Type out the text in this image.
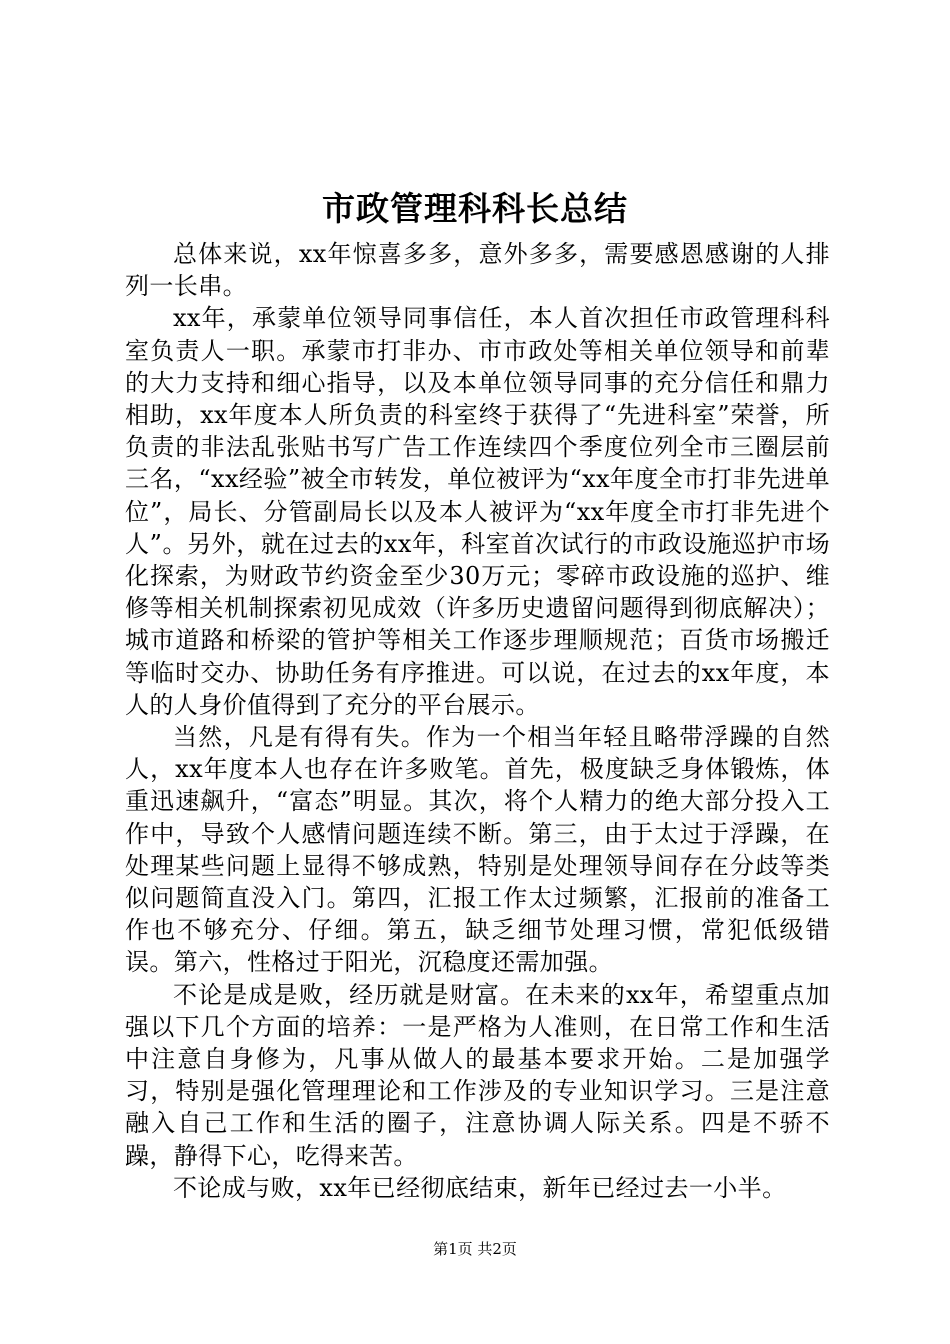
市政管理科科长总结

总体来说，xx年惊喜多多，意外多多，需要感恩感谢的人排列一长串。

xx年，承蒙单位领导同事信任，本人首次担任市政管理科科室负责人一职。承蒙市打非办、市市政处等相关单位领导和前辈的大力支持和细心指导，以及本单位领导同事的充分信任和鼎力相助，xx年度本人所负责的科室终于获得了“先进科室”荣誉，所负责的非法乱张贴书写广告工作连续四个季度位列全市三圈层前三名，“xx经验”被全市转发，单位被评为“xx年度全市打非先进单位”，局长、分管副局长以及本人被评为“xx年度全市打非先进个人”。另外，就在过去的xx年，科室首次试行的市政设施巡护市场化探索，为财政节约资金至少30万元；零碎市政设施的巡护、维修等相关机制探索初见成效（许多历史遗留问题得到彻底解决）；城市道路和桥梁的管护等相关工作逐步理顺规范；百货市场搬迁等临时交办、协助任务有序推进。可以说，在过去的xx年度，本人的人身价值得到了充分的平台展示。

当然，凡是有得有失。作为一个相当年轻且略带浮躁的自然人，xx年度本人也存在许多败笔。首先，极度缺乏身体锻炼，体重迅速飙升，“富态”明显。其次，将个人精力的绝大部分投入工作中，导致个人感情问题连续不断。第三，由于太过于浮躁，在处理某些问题上显得不够成熟，特别是处理领导间存在分歧等类似问题简直没入门。第四，汇报工作太过频繁，汇报前的准备工作也不够充分、仔细。第五，缺乏细节处理习惯，常犯低级错误。第六，性格过于阳光，沉稳度还需加强。

不论是成是败，经历就是财富。在未来的xx年，希望重点加强以下几个方面的培养：一是严格为人准则，在日常工作和生活中注意自身修为，凡事从做人的最基本要求开始。二是加强学习，特别是强化管理理论和工作涉及的专业知识学习。三是注意融入自己工作和生活的圈子，注意协调人际关系。四是不骄不躁，静得下心，吃得来苦。

不论成与败，xx年已经彻底结束，新年已经过去一小半。

第1页 共2页
